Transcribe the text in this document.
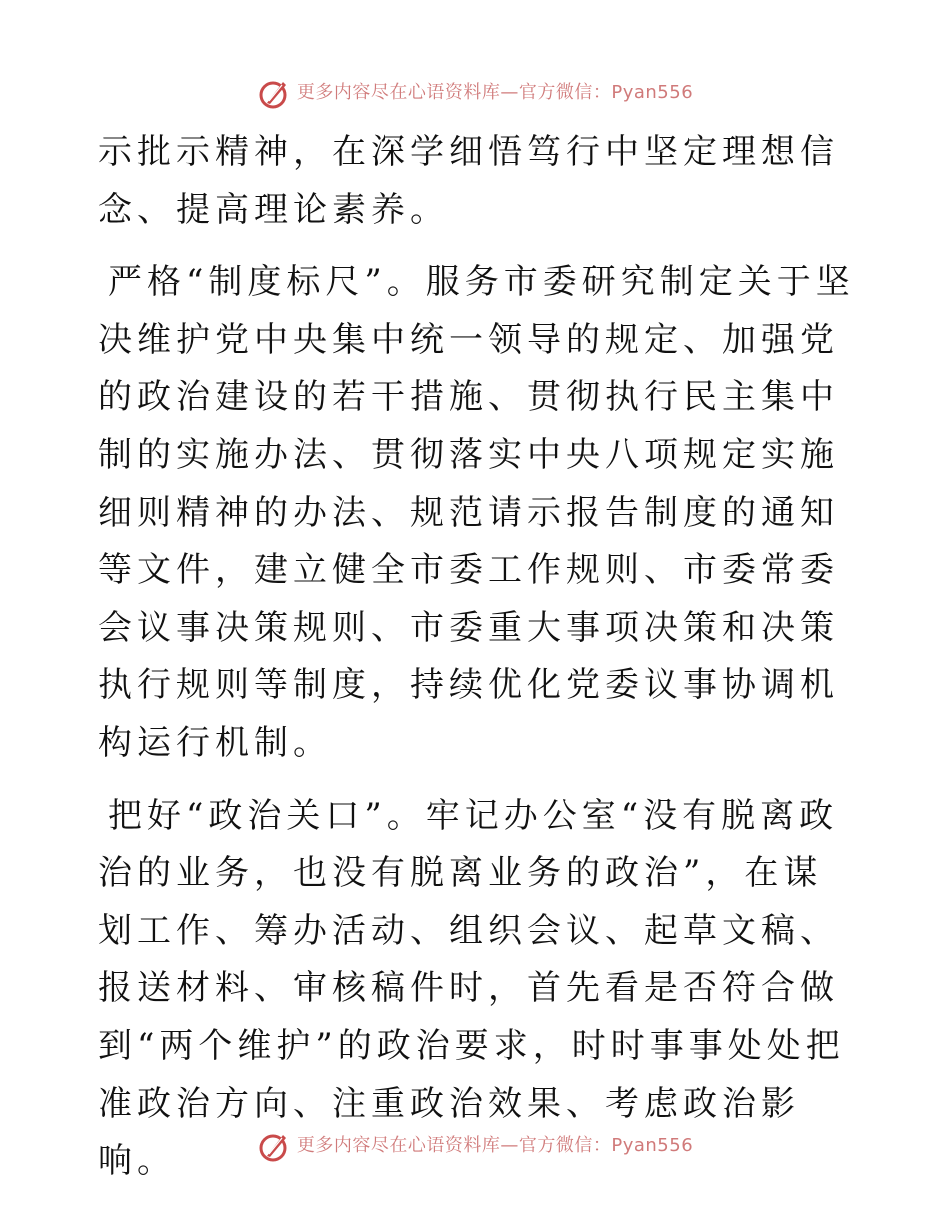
更多内容尽在心语资料库—官方微信：Pyan556

示批示精神，在深学细悟笃行中坚定理想信念、提高理论素养。

严格“制度标尺”。服务市委研究制定关于坚决维护党中央集中统一领导的规定、加强党的政治建设的若干措施、贯彻执行民主集中制的实施办法、贯彻落实中央八项规定实施细则精神的办法、规范请示报告制度的通知等文件，建立健全市委工作规则、市委常委会议事决策规则、市委重大事项决策和决策执行规则等制度，持续优化党委议事协调机构运行机制。

把好“政治关口”。牢记办公室“没有脱离政治的业务，也没有脱离业务的政治”，在谋划工作、筹办活动、组织会议、起草文稿、报送材料、审核稿件时，首先看是否符合做到“两个维护”的政治要求，时时事事处处把准政治方向、注重政治效果、考虑政治影响。	更多内容尽在心语资料库—官方微信：Pyan556
